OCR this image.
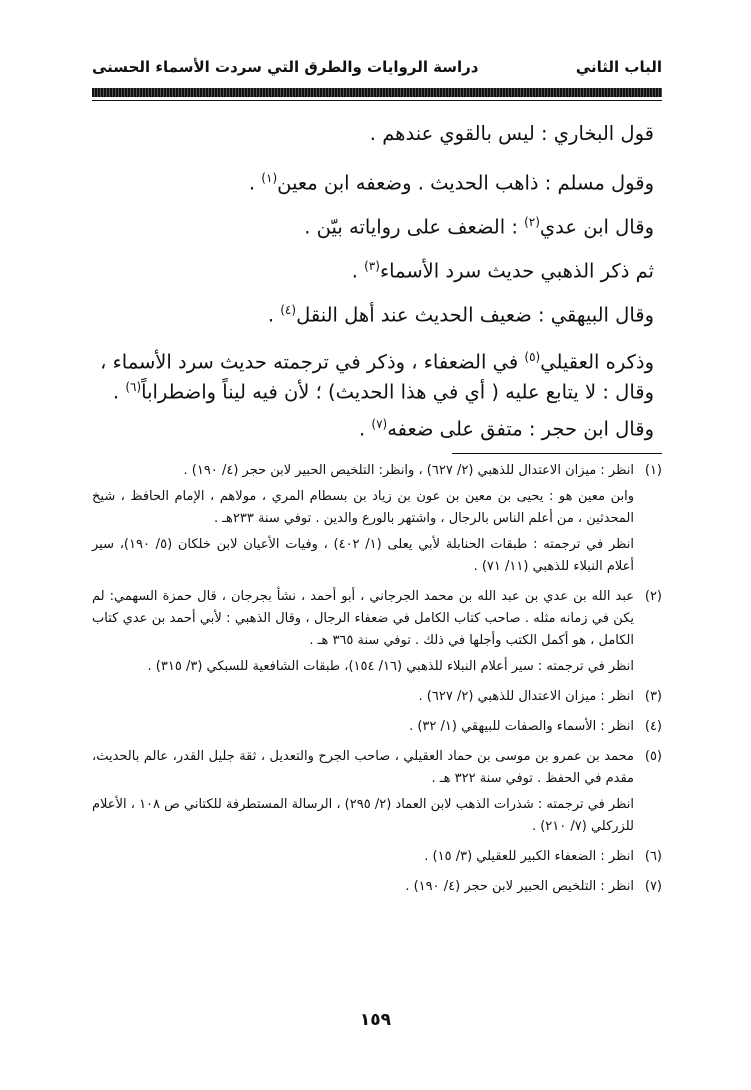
الباب الثاني
دراسة الروايات والطرق التي سردت الأسماء الحسنى

قول البخاري : ليس بالقوي عندهم .

وقول مسلم : ذاهب الحديث . وضعفه ابن معين$^{(١)}$ .

وقال ابن عدي$^{(٢)}$ : الضعف على رواياته بيّن .

ثم ذكر الذهبي حديث سرد الأسماء$^{(٣)}$ .

وقال البيهقي : ضعيف الحديث عند أهل النقل$^{(٤)}$ .

وذكره العقيلي$^{(٥)}$ في الضعفاء ، وذكر في ترجمته حديث سرد الأسماء ،

وقال : لا يتابع عليه ( أي في هذا الحديث) ؛ لأن فيه ليناً واضطراباً$^{(٦)}$ .

وقال ابن حجر : متفق على ضعفه$^{(٧)}$ .

(١)
انظر : ميزان الاعتدال للذهبي (٢/ ٦٢٧) ، وانظر: التلخيص الحبير لابن حجر (٤/ ١٩٠) .
وابن معين هو : يحيى بن معين بن عون بن زياد بن بسطام المري ، مولاهم ، الإمام الحافظ ، شيخ المحدثين ، من أعلم الناس بالرجال ، واشتهر بالورع والدين . توفي سنة ٢٣٣هـ .
انظر في ترجمته : طبقات الحنابلة لأبي يعلى (١/ ٤٠٢) ، وفيات الأعيان لابن خلكان (٥/ ١٩٠)، سير أعلام النبلاء للذهبي (١١/ ٧١) .
(٢)
عبد الله بن عدي بن عبد الله بن محمد الجرجاني ، أبو أحمد ، نشأ بجرجان ، قال حمزة السهمي: لم يكن في زمانه مثله . صاحب كتاب الكامل في ضعفاء الرجال ، وقال الذهبي : لأبي أحمد بن عدي كتاب الكامل ، هو أكمل الكتب وأجلها في ذلك . توفي سنة ٣٦٥ هـ .
انظر في ترجمته : سير أعلام النبلاء للذهبي (١٦/ ١٥٤)، طبقات الشافعية للسبكي (٣/ ٣١٥) .
(٣)
انظر : ميزان الاعتدال للذهبي (٢/ ٦٢٧) .
(٤)
انظر : الأسماء والصفات للبيهقي (١/ ٣٢) .
(٥)
محمد بن عمرو بن موسى بن حماد العقيلي ، صاحب الجرح والتعديل ، ثقة جليل القدر، عالم بالحديث، مقدم في الحفظ . توفي سنة ٣٢٢ هـ .
انظر في ترجمته : شذرات الذهب لابن العماد (٢/ ٢٩٥) ، الرسالة المستطرفة للكتاني ص ١٠٨ ، الأعلام للزركلي (٧/ ٢١٠) .
(٦)
انظر : الضعفاء الكبير للعقيلي (٣/ ١٥) .
(٧)
انظر : التلخيص الحبير لابن حجر (٤/ ١٩٠) .
١٥٩
